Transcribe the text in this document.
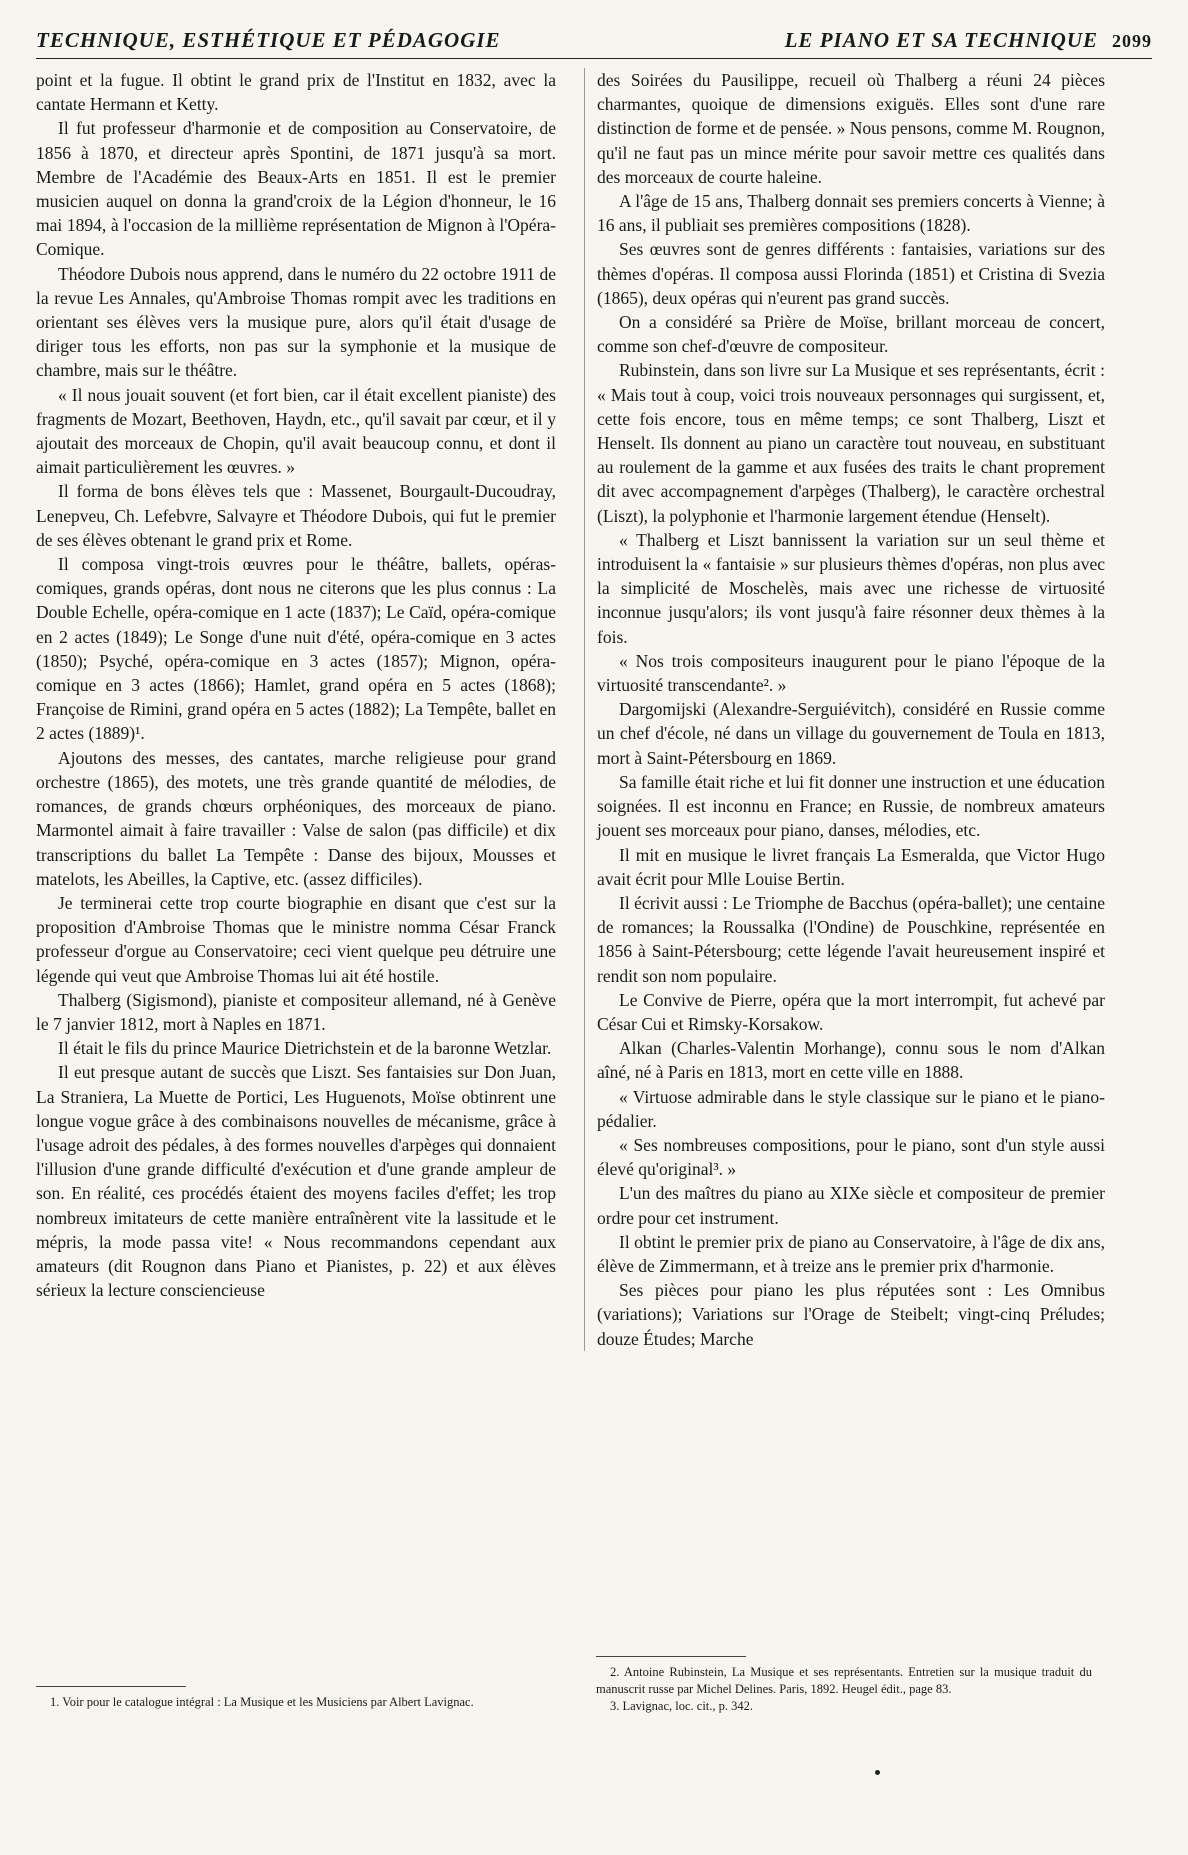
TECHNIQUE, ESTHÉTIQUE ET PÉDAGOGIE	LE PIANO ET SA TECHNIQUE 2099

point et la fugue. Il obtint le grand prix de l'Institut en 1832, avec la cantate Hermann et Ketty.

Il fut professeur d'harmonie et de composition au Conservatoire, de 1856 à 1870, et directeur après Spontini, de 1871 jusqu'à sa mort. Membre de l'Académie des Beaux-Arts en 1851. Il est le premier musicien auquel on donna la grand'croix de la Légion d'honneur, le 16 mai 1894, à l'occasion de la millième représentation de Mignon à l'Opéra-Comique.

Théodore Dubois nous apprend, dans le numéro du 22 octobre 1911 de la revue Les Annales, qu'Ambroise Thomas rompit avec les traditions en orientant ses élèves vers la musique pure, alors qu'il était d'usage de diriger tous les efforts, non pas sur la symphonie et la musique de chambre, mais sur le théâtre.

« Il nous jouait souvent (et fort bien, car il était excellent pianiste) des fragments de Mozart, Beethoven, Haydn, etc., qu'il savait par cœur, et il y ajoutait des morceaux de Chopin, qu'il avait beaucoup connu, et dont il aimait particulièrement les œuvres. »

Il forma de bons élèves tels que : Massenet, Bourgault-Ducoudray, Lenepveu, Ch. Lefebvre, Salvayre et Théodore Dubois, qui fut le premier de ses élèves obtenant le grand prix et Rome.

Il composa vingt-trois œuvres pour le théâtre, ballets, opéras-comiques, grands opéras, dont nous ne citerons que les plus connus : La Double Echelle, opéra-comique en 1 acte (1837); Le Caïd, opéra-comique en 2 actes (1849); Le Songe d'une nuit d'été, opéra-comique en 3 actes (1850); Psyché, opéra-comique en 3 actes (1857); Mignon, opéra-comique en 3 actes (1866); Hamlet, grand opéra en 5 actes (1868); Françoise de Rimini, grand opéra en 5 actes (1882); La Tempête, ballet en 2 actes (1889)¹.

Ajoutons des messes, des cantates, marche religieuse pour grand orchestre (1865), des motets, une très grande quantité de mélodies, de romances, de grands chœurs orphéoniques, des morceaux de piano. Marmontel aimait à faire travailler : Valse de salon (pas difficile) et dix transcriptions du ballet La Tempête : Danse des bijoux, Mousses et matelots, les Abeilles, la Captive, etc. (assez difficiles).

Je terminerai cette trop courte biographie en disant que c'est sur la proposition d'Ambroise Thomas que le ministre nomma César Franck professeur d'orgue au Conservatoire; ceci vient quelque peu détruire une légende qui veut que Ambroise Thomas lui ait été hostile.

Thalberg (Sigismond), pianiste et compositeur allemand, né à Genève le 7 janvier 1812, mort à Naples en 1871.

Il était le fils du prince Maurice Dietrichstein et de la baronne Wetzlar.

Il eut presque autant de succès que Liszt. Ses fantaisies sur Don Juan, La Straniera, La Muette de Portici, Les Huguenots, Moïse obtinrent une longue vogue grâce à des combinaisons nouvelles de mécanisme, grâce à l'usage adroit des pédales, à des formes nouvelles d'arpèges qui donnaient l'illusion d'une grande difficulté d'exécution et d'une grande ampleur de son. En réalité, ces procédés étaient des moyens faciles d'effet; les trop nombreux imitateurs de cette manière entraînèrent vite la lassitude et le mépris, la mode passa vite! « Nous recommandons cependant aux amateurs (dit Rougnon dans Piano et Pianistes, p. 22) et aux élèves sérieux la lecture consciencieuse

des Soirées du Pausilippe, recueil où Thalberg a réuni 24 pièces charmantes, quoique de dimensions exiguës. Elles sont d'une rare distinction de forme et de pensée. » Nous pensons, comme M. Rougnon, qu'il ne faut pas un mince mérite pour savoir mettre ces qualités dans des morceaux de courte haleine.

A l'âge de 15 ans, Thalberg donnait ses premiers concerts à Vienne; à 16 ans, il publiait ses premières compositions (1828).

Ses œuvres sont de genres différents : fantaisies, variations sur des thèmes d'opéras. Il composa aussi Florinda (1851) et Cristina di Svezia (1865), deux opéras qui n'eurent pas grand succès.

On a considéré sa Prière de Moïse, brillant morceau de concert, comme son chef-d'œuvre de compositeur.

Rubinstein, dans son livre sur La Musique et ses représentants, écrit : « Mais tout à coup, voici trois nouveaux personnages qui surgissent, et, cette fois encore, tous en même temps; ce sont Thalberg, Liszt et Henselt. Ils donnent au piano un caractère tout nouveau, en substituant au roulement de la gamme et aux fusées des traits le chant proprement dit avec accompagnement d'arpèges (Thalberg), le caractère orchestral (Liszt), la polyphonie et l'harmonie largement étendue (Henselt).

« Thalberg et Liszt bannissent la variation sur un seul thème et introduisent la « fantaisie » sur plusieurs thèmes d'opéras, non plus avec la simplicité de Moschelès, mais avec une richesse de virtuosité inconnue jusqu'alors; ils vont jusqu'à faire résonner deux thèmes à la fois.

« Nos trois compositeurs inaugurent pour le piano l'époque de la virtuosité transcendante². »

Dargomijski (Alexandre-Serguiévitch), considéré en Russie comme un chef d'école, né dans un village du gouvernement de Toula en 1813, mort à Saint-Pétersbourg en 1869.

Sa famille était riche et lui fit donner une instruction et une éducation soignées. Il est inconnu en France; en Russie, de nombreux amateurs jouent ses morceaux pour piano, danses, mélodies, etc.

Il mit en musique le livret français La Esmeralda, que Victor Hugo avait écrit pour Mlle Louise Bertin.

Il écrivit aussi : Le Triomphe de Bacchus (opéra-ballet); une centaine de romances; la Roussalka (l'Ondine) de Pouschkine, représentée en 1856 à Saint-Pétersbourg; cette légende l'avait heureusement inspiré et rendit son nom populaire.

Le Convive de Pierre, opéra que la mort interrompit, fut achevé par César Cui et Rimsky-Korsakow.

Alkan (Charles-Valentin Morhange), connu sous le nom d'Alkan aîné, né à Paris en 1813, mort en cette ville en 1888.

« Virtuose admirable dans le style classique sur le piano et le piano-pédalier.

« Ses nombreuses compositions, pour le piano, sont d'un style aussi élevé qu'original³. »

L'un des maîtres du piano au XIXe siècle et compositeur de premier ordre pour cet instrument.

Il obtint le premier prix de piano au Conservatoire, à l'âge de dix ans, élève de Zimmermann, et à treize ans le premier prix d'harmonie.

Ses pièces pour piano les plus réputées sont : Les Omnibus (variations); Variations sur l'Orage de Steibelt; vingt-cinq Préludes; douze Études; Marche

1. Voir pour le catalogue intégral : La Musique et les Musiciens par Albert Lavignac.

2. Antoine Rubinstein, La Musique et ses représentants. Entretien sur la musique traduit du manuscrit russe par Michel Delines. Paris, 1892. Heugel édit., page 83.

3. Lavignac, loc. cit., p. 342.
